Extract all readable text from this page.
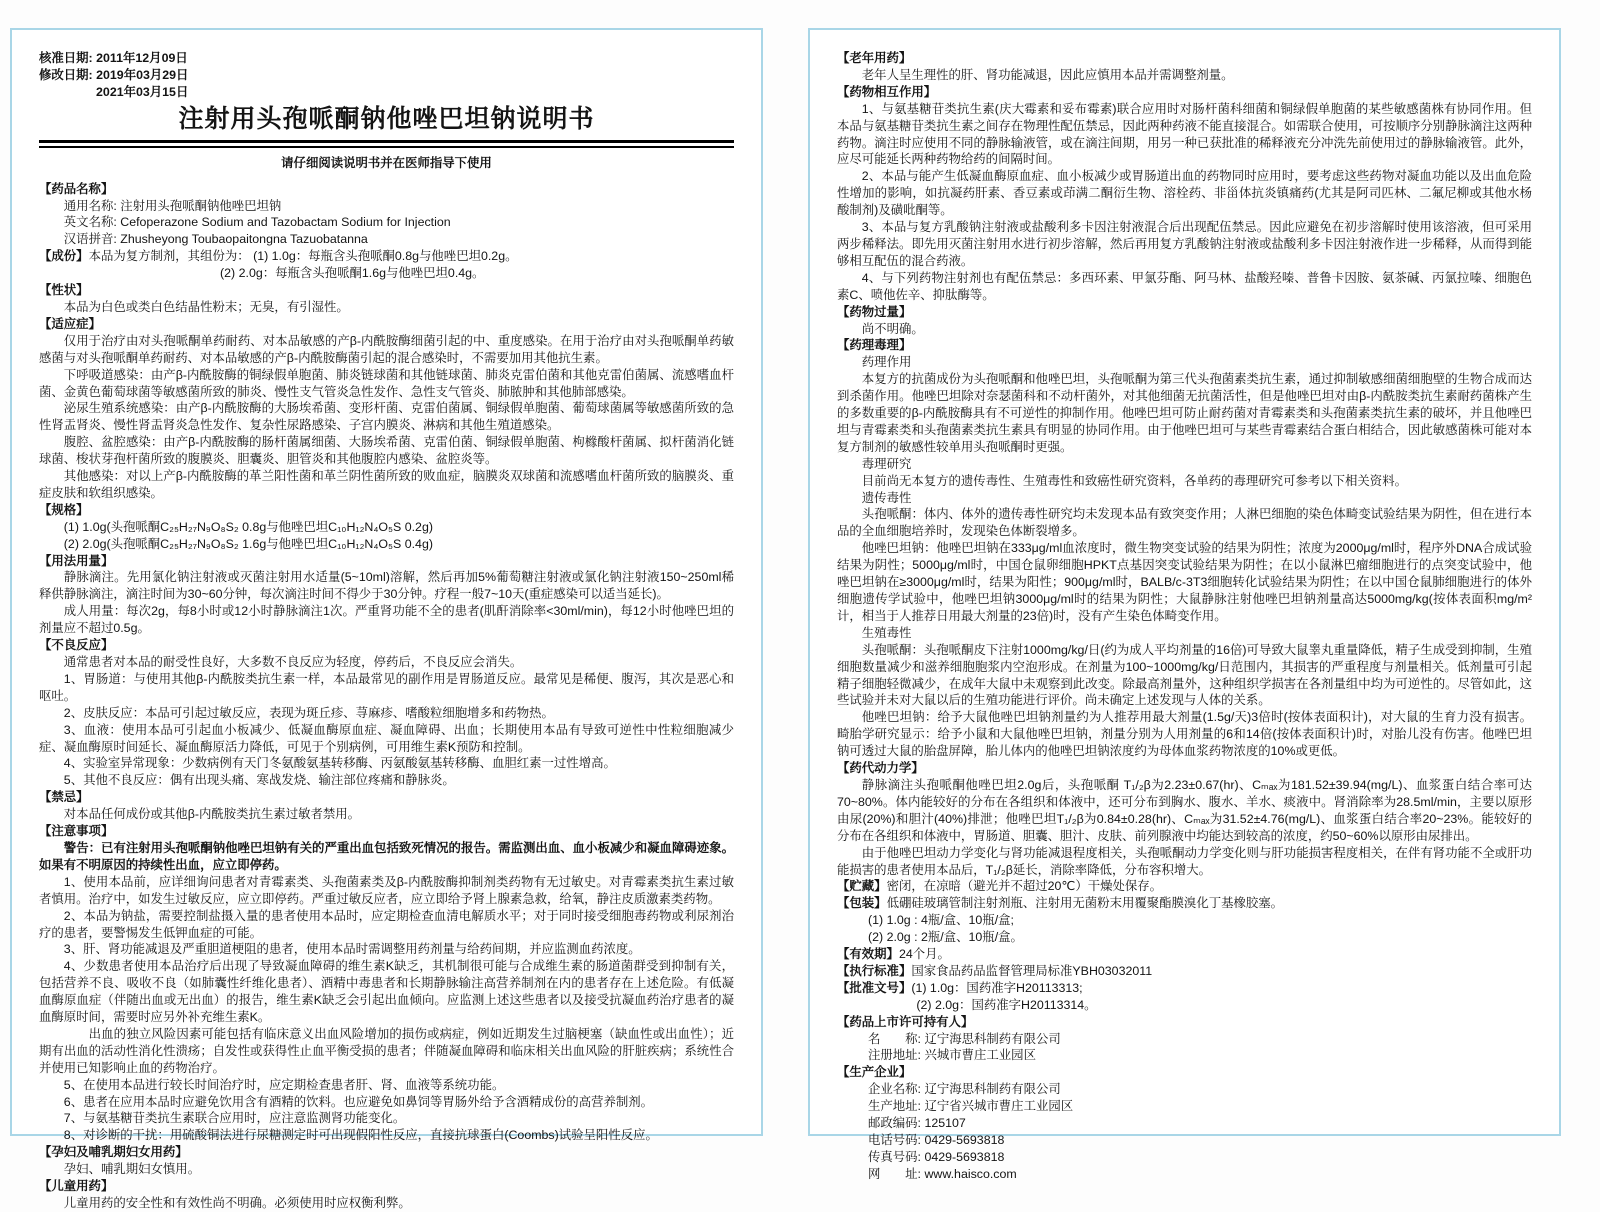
核准日期: 2011年12月09日
修改日期: 2019年03月29日
2021年03月15日
注射用头孢哌酮钠他唑巴坦钠说明书
请仔细阅读说明书并在医师指导下使用
【药品名称】
通用名称: 注射用头孢哌酮钠他唑巴坦钠
英文名称: Cefoperazone Sodium and Tazobactam Sodium for Injection
汉语拼音: Zhusheyong Toubaopaitongna Tazuobatanna
【成份】本品为复方制剂，其组份为： (1) 1.0g：每瓶含头孢哌酮0.8g与他唑巴坦0.2g。
(2) 2.0g：每瓶含头孢哌酮1.6g与他唑巴坦0.4g。
【性状】
本品为白色或类白色结晶性粉末；无臭，有引湿性。
【适应症】
仅用于治疗由对头孢哌酮单药耐药、对本品敏感的产β-内酰胺酶细菌引起的中、重度感染。在用于治疗由对头孢哌酮单药敏感菌与对头孢哌酮单药耐药、对本品敏感的产β-内酰胺酶菌引起的混合感染时，不需要加用其他抗生素。
下呼吸道感染：由产β-内酰胺酶的铜绿假单胞菌、肺炎链球菌和其他链球菌、肺炎克雷伯菌和其他克雷伯菌属、流感嗜血杆菌、金黄色葡萄球菌等敏感菌所致的肺炎、慢性支气管炎急性发作、急性支气管炎、肺脓肿和其他肺部感染。
泌尿生殖系统感染：由产β-内酰胺酶的大肠埃希菌、变形杆菌、克雷伯菌属、铜绿假单胞菌、葡萄球菌属等敏感菌所致的急性肾盂肾炎、慢性肾盂肾炎急性发作、复杂性尿路感染、子宫内膜炎、淋病和其他生殖道感染。
腹腔、盆腔感染：由产β-内酰胺酶的肠杆菌属细菌、大肠埃希菌、克雷伯菌、铜绿假单胞菌、枸橼酸杆菌属、拟杆菌消化链球菌、梭状芽孢杆菌所致的腹膜炎、胆囊炎、胆管炎和其他腹腔内感染、盆腔炎等。
其他感染：对以上产β-内酰胺酶的革兰阳性菌和革兰阴性菌所致的败血症，脑膜炎双球菌和流感嗜血杆菌所致的脑膜炎、重症皮肤和软组织感染。
【规格】
(1) 1.0g(头孢哌酮C₂₅H₂₇N₉O₈S₂ 0.8g与他唑巴坦C₁₀H₁₂N₄O₅S 0.2g)
(2) 2.0g(头孢哌酮C₂₅H₂₇N₉O₈S₂ 1.6g与他唑巴坦C₁₀H₁₂N₄O₅S 0.4g)
【用法用量】
静脉滴注。先用氯化钠注射液或灭菌注射用水适量(5~10ml)溶解，然后再加5%葡萄糖注射液或氯化钠注射液150~250ml稀释供静脉滴注，滴注时间为30~60分钟，每次滴注时间不得少于30分钟。疗程一般7~10天(重症感染可以适当延长)。
成人用量：每次2g，每8小时或12小时静脉滴注1次。严重肾功能不全的患者(肌酐消除率<30ml/min)，每12小时他唑巴坦的剂量应不超过0.5g。
【不良反应】
通常患者对本品的耐受性良好，大多数不良反应为轻度，停药后，不良反应会消失。
1、胃肠道：与使用其他β-内酰胺类抗生素一样，本品最常见的副作用是胃肠道反应。最常见是稀便、腹泻，其次是恶心和呕吐。
2、皮肤反应：本品可引起过敏反应，表现为斑丘疹、荨麻疹、嗜酸粒细胞增多和药物热。
3、血液：使用本品可引起血小板减少、低凝血酶原血症、凝血障碍、出血；长期使用本品有导致可逆性中性粒细胞减少症、凝血酶原时间延长、凝血酶原活力降低，可见于个别病例，可用维生素K预防和控制。
4、实验室异常现象：少数病例有天门冬氨酸氨基转移酶、丙氨酸氨基转移酶、血胆红素一过性增高。
5、其他不良反应：偶有出现头痛、寒战发烧、输注部位疼痛和静脉炎。
【禁忌】
对本品任何成份或其他β-内酰胺类抗生素过敏者禁用。
【注意事项】
警告：已有注射用头孢哌酮钠他唑巴坦钠有关的严重出血包括致死情况的报告。需监测出血、血小板减少和凝血障碍迹象。如果有不明原因的持续性出血，应立即停药。
1、使用本品前，应详细询问患者对青霉素类、头孢菌素类及β-内酰胺酶抑制剂类药物有无过敏史。对青霉素类抗生素过敏者慎用。治疗中，如发生过敏反应，应立即停药。严重过敏反应者，应立即给予肾上腺素急救，给氧，静注皮质激素类药物。
2、本品为钠盐，需要控制盐摄入量的患者使用本品时，应定期检查血清电解质水平；对于同时接受细胞毒药物或利尿剂治疗的患者，要警惕发生低钾血症的可能。
3、肝、肾功能减退及严重胆道梗阻的患者，使用本品时需调整用药剂量与给药间期，并应监测血药浓度。
4、少数患者使用本品治疗后出现了导致凝血障碍的维生素K缺乏，其机制很可能与合成维生素的肠道菌群受到抑制有关，包括营养不良、吸收不良（如肺囊性纤维化患者）、酒精中毒患者和长期静脉输注高营养制剂在内的患者存在上述危险。有低凝血酶原血症（伴随出血或无出血）的报告，维生素K缺乏会引起出血倾向。应监测上述这些患者以及接受抗凝血药治疗患者的凝血酶原时间，需要时应另外补充维生素K。
出血的独立风险因素可能包括有临床意义出血风险增加的损伤或病症，例如近期发生过脑梗塞（缺血性或出血性）；近期有出血的活动性消化性溃疡；自发性或获得性止血平衡受损的患者；伴随凝血障碍和临床相关出血风险的肝脏疾病；系统性合并使用已知影响止血的药物治疗。
5、在使用本品进行较长时间治疗时，应定期检查患者肝、肾、血液等系统功能。
6、患者在应用本品时应避免饮用含有酒精的饮料。也应避免如鼻饲等胃肠外给予含酒精成份的高营养制剂。
7、与氨基糖苷类抗生素联合应用时，应注意监测肾功能变化。
8、对诊断的干扰：用硫酸铜法进行尿糖测定时可出现假阳性反应，直接抗球蛋白(Coombs)试验呈阳性反应。
【孕妇及哺乳期妇女用药】
孕妇、哺乳期妇女慎用。
【儿童用药】
儿童用药的安全性和有效性尚不明确。必须使用时应权衡利弊。
【老年用药】
老年人呈生理性的肝、肾功能减退，因此应慎用本品并需调整剂量。
【药物相互作用】
1、与氨基糖苷类抗生素(庆大霉素和妥布霉素)联合应用时对肠杆菌科细菌和铜绿假单胞菌的某些敏感菌株有协同作用。但本品与氨基糖苷类抗生素之间存在物理性配伍禁忌，因此两种药液不能直接混合。如需联合使用，可按顺序分别静脉滴注这两种药物。滴注时应使用不同的静脉输液管，或在滴注间期，用另一种已获批准的稀释液充分冲洗先前使用过的静脉输液管。此外，应尽可能延长两种药物给药的间隔时间。
2、本品与能产生低凝血酶原血症、血小板减少或胃肠道出血的药物同时应用时，要考虑这些药物对凝血功能以及出血危险性增加的影响，如抗凝药肝素、香豆素或茚满二酮衍生物、溶栓药、非甾体抗炎镇痛药(尤其是阿司匹林、二氟尼柳或其他水杨酸制剂)及磺吡酮等。
3、本品与复方乳酸钠注射液或盐酸利多卡因注射液混合后出现配伍禁忌。因此应避免在初步溶解时使用该溶液，但可采用两步稀释法。即先用灭菌注射用水进行初步溶解，然后再用复方乳酸钠注射液或盐酸利多卡因注射液作进一步稀释，从而得到能够相互配伍的混合药液。
4、与下列药物注射剂也有配伍禁忌：多西环素、甲氯芬酯、阿马林、盐酸羟嗪、普鲁卡因胺、氨茶碱、丙氯拉嗪、细胞色素C、喷他佐辛、抑肽酶等。
【药物过量】
尚不明确。
【药理毒理】
药理作用
本复方的抗菌成份为头孢哌酮和他唑巴坦，头孢哌酮为第三代头孢菌素类抗生素，通过抑制敏感细菌细胞壁的生物合成而达到杀菌作用。他唑巴坦除对奈瑟菌科和不动杆菌外，对其他细菌无抗菌活性，但是他唑巴坦对由β-内酰胺类抗生素耐药菌株产生的多数重要的β-内酰胺酶具有不可逆性的抑制作用。他唑巴坦可防止耐药菌对青霉素类和头孢菌素类抗生素的破坏，并且他唑巴坦与青霉素类和头孢菌素类抗生素具有明显的协同作用。由于他唑巴坦可与某些青霉素结合蛋白相结合，因此敏感菌株可能对本复方制剂的敏感性较单用头孢哌酮时更强。
毒理研究
目前尚无本复方的遗传毒性、生殖毒性和致癌性研究资料，各单药的毒理研究可参考以下相关资料。
遗传毒性
头孢哌酮：体内、体外的遗传毒性研究均未发现本品有致突变作用；人淋巴细胞的染色体畸变试验结果为阴性，但在进行本品的全血细胞培养时，发现染色体断裂增多。
他唑巴坦钠：他唑巴坦钠在333μg/ml血浓度时，微生物突变试验的结果为阴性；浓度为2000μg/ml时，程序外DNA合成试验结果为阴性；5000μg/ml时，中国仓鼠卵细胞HPKT点基因突变试验结果为阴性；在以小鼠淋巴瘤细胞进行的点突变试验中，他唑巴坦钠在≥3000μg/ml时，结果为阳性；900μg/ml时，BALB/c-3T3细胞转化试验结果为阴性；在以中国仓鼠肺细胞进行的体外细胞遗传学试验中，他唑巴坦钠3000μg/ml时的结果为阴性；大鼠静脉注射他唑巴坦钠剂量高达5000mg/kg(按体表面积mg/m²计，相当于人推荐日用最大剂量的23倍)时，没有产生染色体畸变作用。
生殖毒性
头孢哌酮：头孢哌酮皮下注射1000mg/kg/日(约为成人平均剂量的16倍)可导致大鼠睾丸重量降低，精子生成受到抑制，生殖细胞数量减少和滋养细胞胞浆内空泡形成。在剂量为100~1000mg/kg/日范围内，其损害的严重程度与剂量相关。低剂量可引起精子细胞轻微减少，在成年大鼠中未观察到此改变。除最高剂量外，这种组织学损害在各剂量组中均为可逆性的。尽管如此，这些试验并未对大鼠以后的生殖功能进行评价。尚未确定上述发现与人体的关系。
他唑巴坦钠：给予大鼠他唑巴坦钠剂量约为人推荐用最大剂量(1.5g/天)3倍时(按体表面积计)，对大鼠的生育力没有损害。畸胎学研究显示：给予小鼠和大鼠他唑巴坦钠，剂量分别为人用剂量的6和14倍(按体表面积计)时，对胎儿没有伤害。他唑巴坦钠可透过大鼠的胎盘屏障，胎儿体内的他唑巴坦钠浓度约为母体血浆药物浓度的10%或更低。
【药代动力学】
静脉滴注头孢哌酮他唑巴坦2.0g后，头孢哌酮 T₁/₂β为2.23±0.67(hr)、Cₘₐₓ为181.52±39.94(mg/L)、血浆蛋白结合率可达70~80%。体内能较好的分布在各组织和体液中，还可分布到胸水、腹水、羊水、痰液中。肾消除率为28.5ml/min，主要以原形由尿(20%)和胆汁(40%)排泄；他唑巴坦T₁/₂β为0.84±0.28(hr)、Cₘₐₓ为31.52±4.76(mg/L)、血浆蛋白结合率20~23%。能较好的分布在各组织和体液中，胃肠道、胆囊、胆汁、皮肤、前列腺液中均能达到较高的浓度，约50~60%以原形由尿排出。
由于他唑巴坦动力学变化与肾功能减退程度相关，头孢哌酮动力学变化则与肝功能损害程度相关，在伴有肾功能不全或肝功能损害的患者使用本品后，T₁/₂β延长，消除率降低，分布容积增大。
【贮藏】密闭，在凉暗（避光并不超过20℃）干燥处保存。
【包装】低硼硅玻璃管制注射剂瓶、注射用无菌粉末用覆聚酯膜溴化丁基橡胶塞。
(1) 1.0g : 4瓶/盒、10瓶/盒;
(2) 2.0g : 2瓶/盒、10瓶/盒。
【有效期】24个月。
【执行标准】国家食品药品监督管理局标准YBH03032011
【批准文号】(1) 1.0g：国药准字H20113313;
(2) 2.0g：国药准字H20113314。
【药品上市许可持有人】
名　　称: 辽宁海思科制药有限公司
注册地址: 兴城市曹庄工业园区
【生产企业】
企业名称: 辽宁海思科制药有限公司
生产地址: 辽宁省兴城市曹庄工业园区
邮政编码: 125107
电话号码: 0429-5693818
传真号码: 0429-5693818
网　　址: www.haisco.com
